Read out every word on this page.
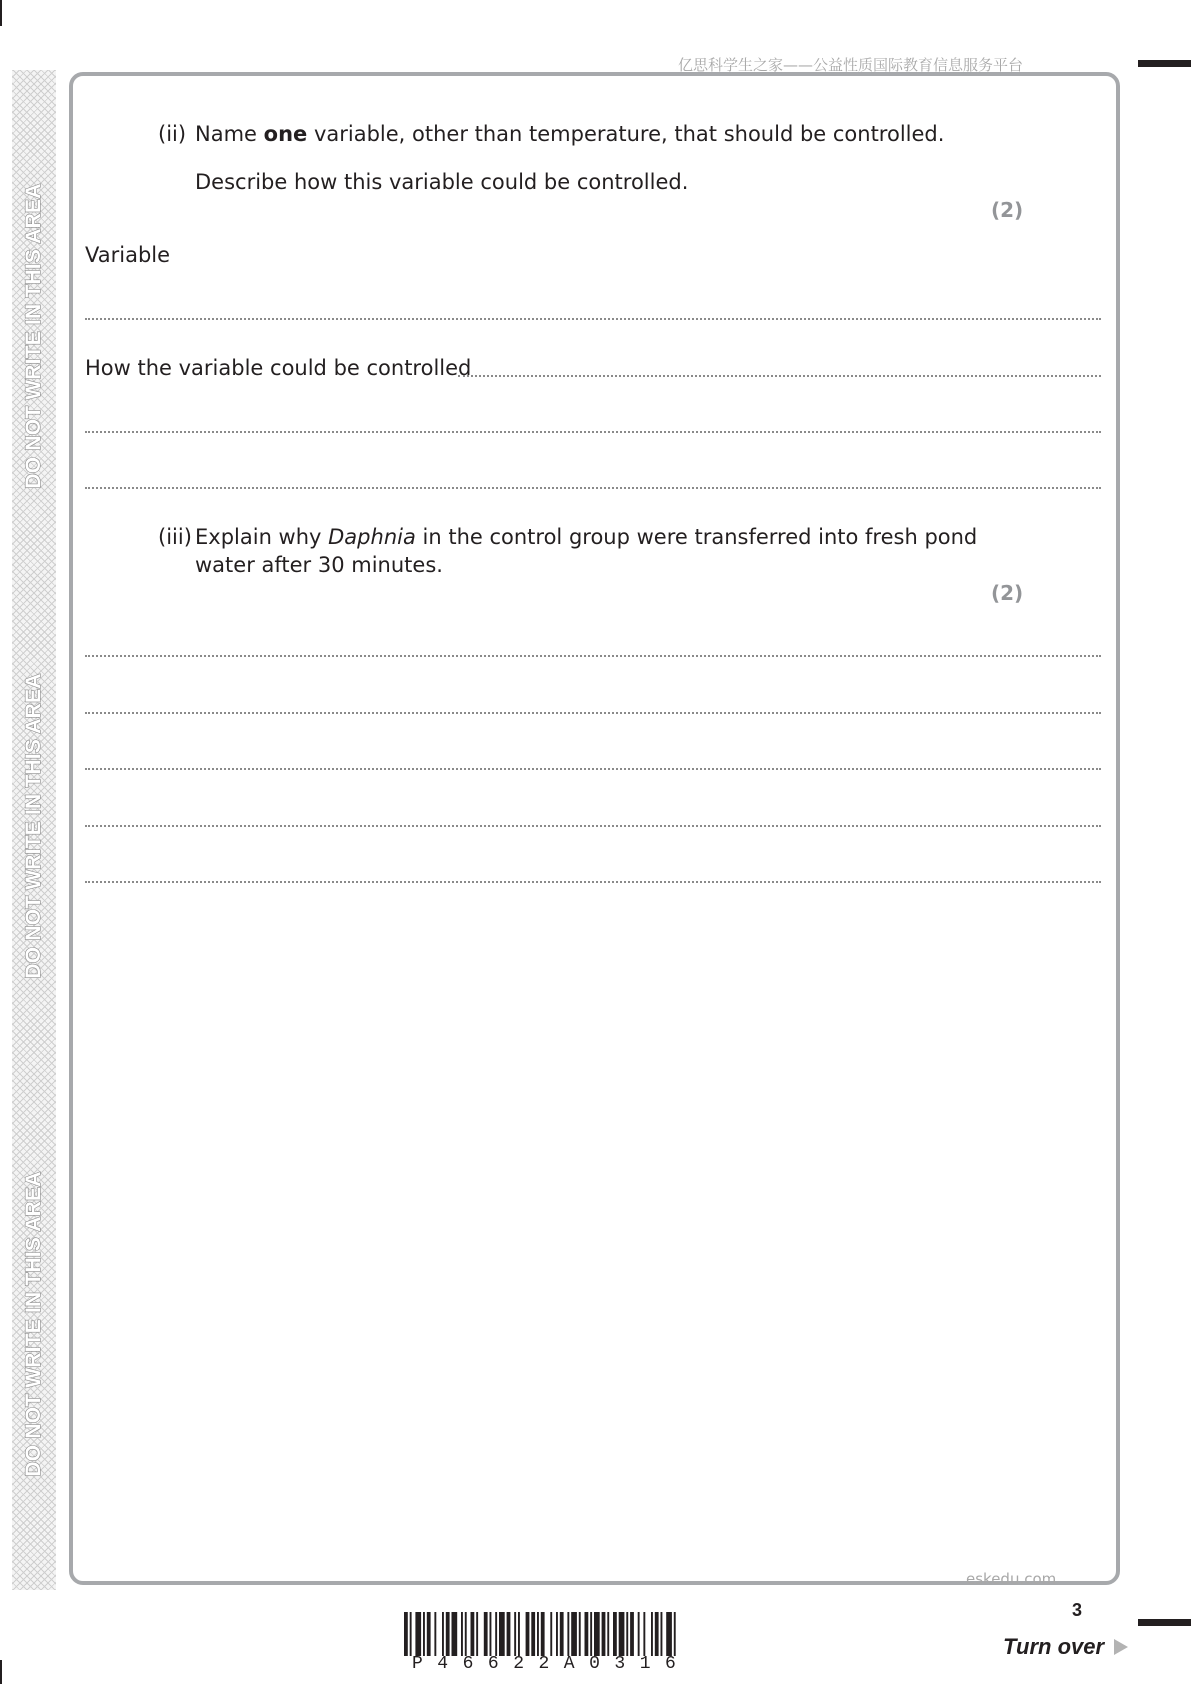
DO NOT WRITE IN THIS AREA
DO NOT WRITE IN THIS AREA
DO NOT WRITE IN THIS AREA
亿思科学生之家——公益性质国际教育信息服务平台
(ii) Name one variable, other than temperature, that should be controlled.
Describe how this variable could be controlled.
(2)
Variable
How the variable could be controlled
(iii) Explain why Daphnia in the control group were transferred into fresh pond
water after 30 minutes.
(2)
eskedu.com
3
Turn over
P46622A0316
